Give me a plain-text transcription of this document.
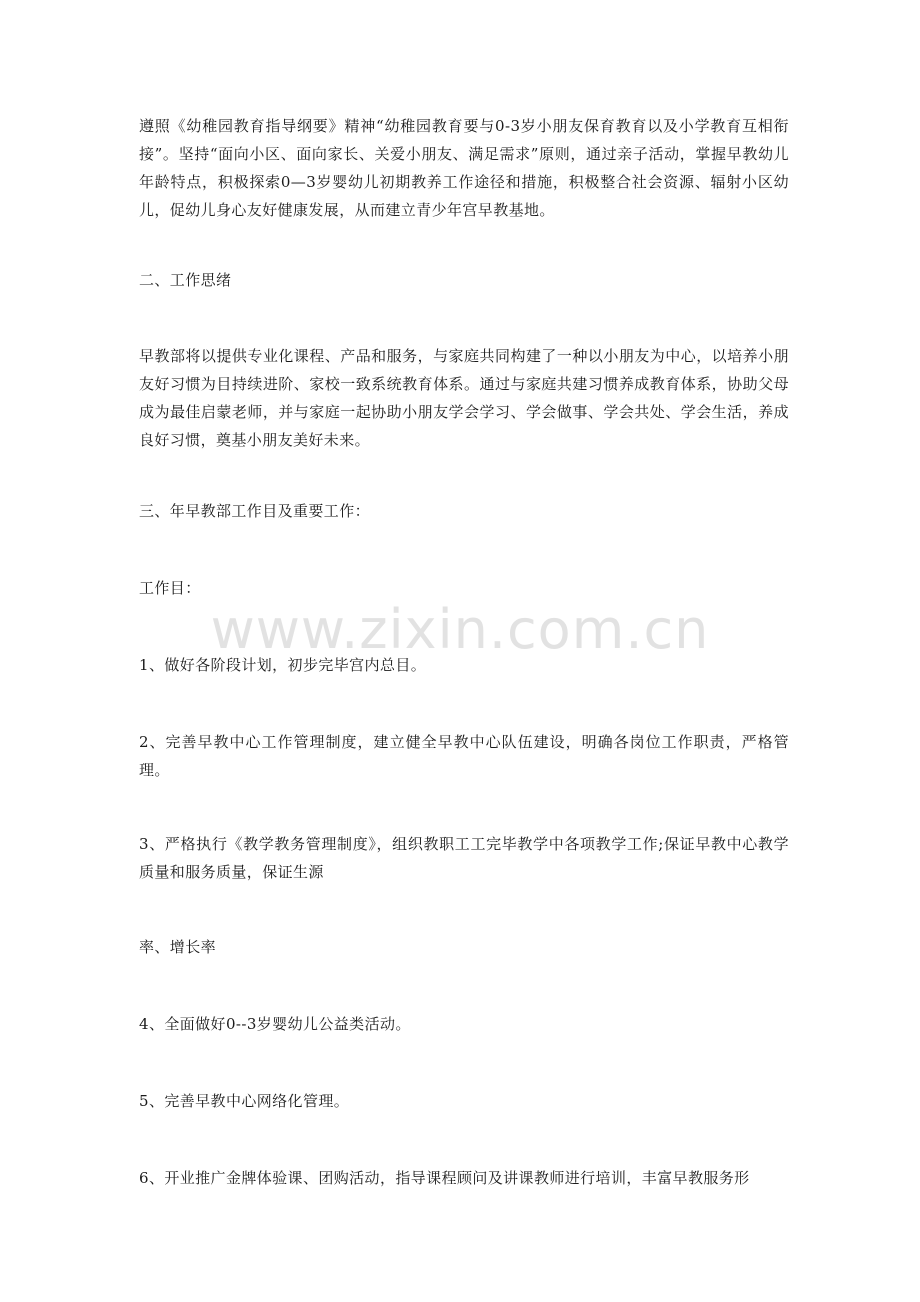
遵照《幼稚园教育指导纲要》精神“幼稚园教育要与0-3岁小朋友保育教育以及小学教育互相衔接”。坚持“面向小区、面向家长、关爱小朋友、满足需求”原则，通过亲子活动，掌握早教幼儿年龄特点，积极探索0—3岁婴幼儿初期教养工作途径和措施，积极整合社会资源、辐射小区幼儿，促幼儿身心友好健康发展，从而建立青少年宫早教基地。

二、工作思绪

早教部将以提供专业化课程、产品和服务，与家庭共同构建了一种以小朋友为中心，以培养小朋友好习惯为目持续进阶、家校一致系统教育体系。通过与家庭共建习惯养成教育体系，协助父母成为最佳启蒙老师，并与家庭一起协助小朋友学会学习、学会做事、学会共处、学会生活，养成良好习惯，奠基小朋友美好未来。

三、年早教部工作目及重要工作：

工作目：

1、做好各阶段计划，初步完毕宫内总目。

2、完善早教中心工作管理制度，建立健全早教中心队伍建设，明确各岗位工作职责，严格管理。

3、严格执行《教学教务管理制度》，组织教职工工完毕教学中各项教学工作;保证早教中心教学质量和服务质量，保证生源

率、增长率

4、全面做好0--3岁婴幼儿公益类活动。

5、完善早教中心网络化管理。

6、开业推广金牌体验课、团购活动，指导课程顾问及讲课教师进行培训，丰富早教服务形

www.zixin.com.cn
